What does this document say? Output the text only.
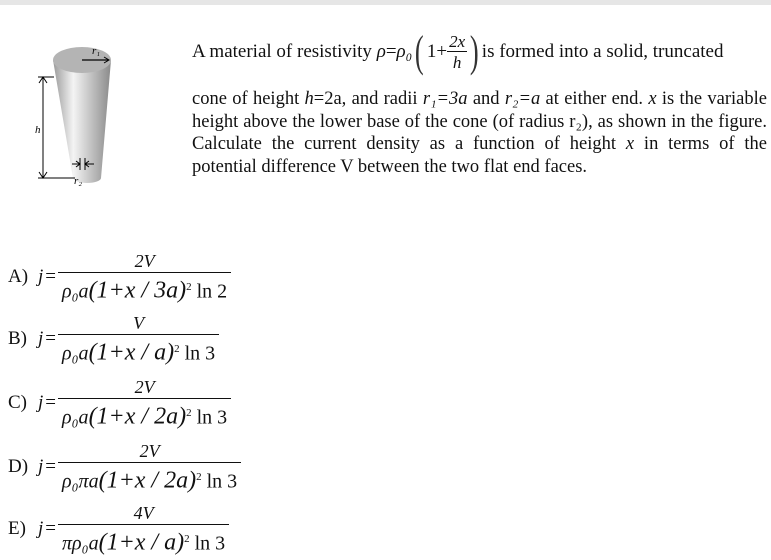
r₁
h
r₂
A material of resistivity
ρ = ρ₀ ( $1+ \frac{2x}{h}$ ) is formed into a solid, truncated
cone of height h=2a, and radii r₁=3a and r₂=a at either end. x is the variable height above the lower base of the cone (of radius r₂), as shown in the figure. Calculate the current density as a function of height x in terms of the potential difference V between the two flat end faces.
A) $j = \frac{2V}{\rho_0a(1+x / 3a)^2 \ln 2}$
B) $j = \frac{V}{\rho_0a(1+x / a)^2 \ln 3}$
C) $j = \frac{2V}{\rho_0a(1+x / 2a)^2 \ln 3}$
D) $j = \frac{2V}{\rho_0\pi a(1+x / 2a)^2 \ln 3}$
E) $j = \frac{4V}{\pi\rho_0a(1+x / a)^2 \ln 3}$
